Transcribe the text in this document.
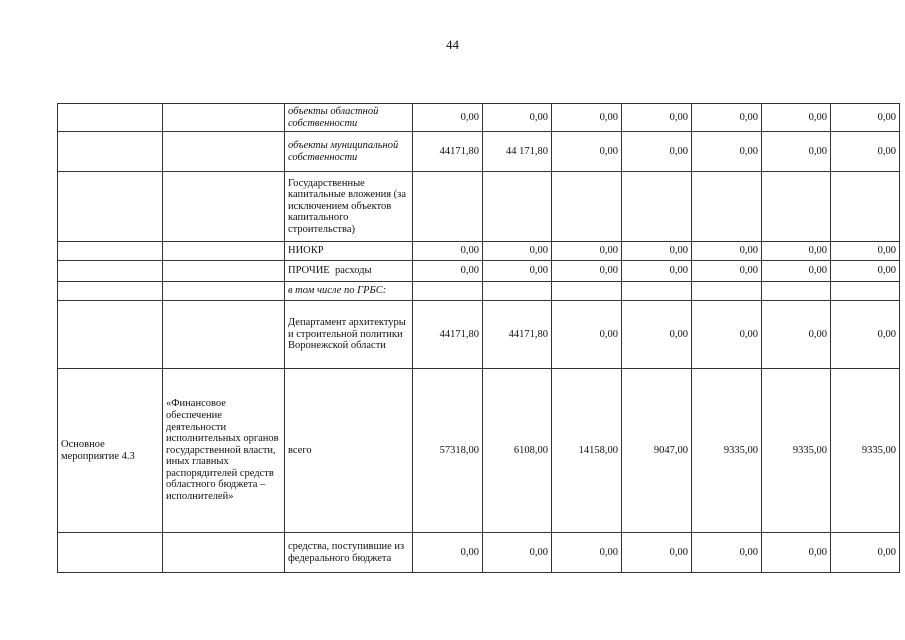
44
		объекты областной собственности	0,00	0,00	0,00	0,00	0,00	0,00	0,00
		объекты муниципальной собственности	44171,80	44 171,80	0,00	0,00	0,00	0,00	0,00
		Государственные капитальные вложения (за исключением объектов капитального строительства)							
		НИОКР	0,00	0,00	0,00	0,00	0,00	0,00	0,00
		ПРОЧИЕ  расходы	0,00	0,00	0,00	0,00	0,00	0,00	0,00
		в том числе по ГРБС:							
		Департамент архитектуры и строительной политики Воронежской области	44171,80	44171,80	0,00	0,00	0,00	0,00	0,00
Основное мероприятие 4.3	«Финансовое обеспечение деятельности исполнительных органов государственной власти, иных главных распорядителей средств областного бюджета – исполнителей»	всего	57318,00	6108,00	14158,00	9047,00	9335,00	9335,00	9335,00
		средства, поступившие из федерального бюджета	0,00	0,00	0,00	0,00	0,00	0,00	0,00
